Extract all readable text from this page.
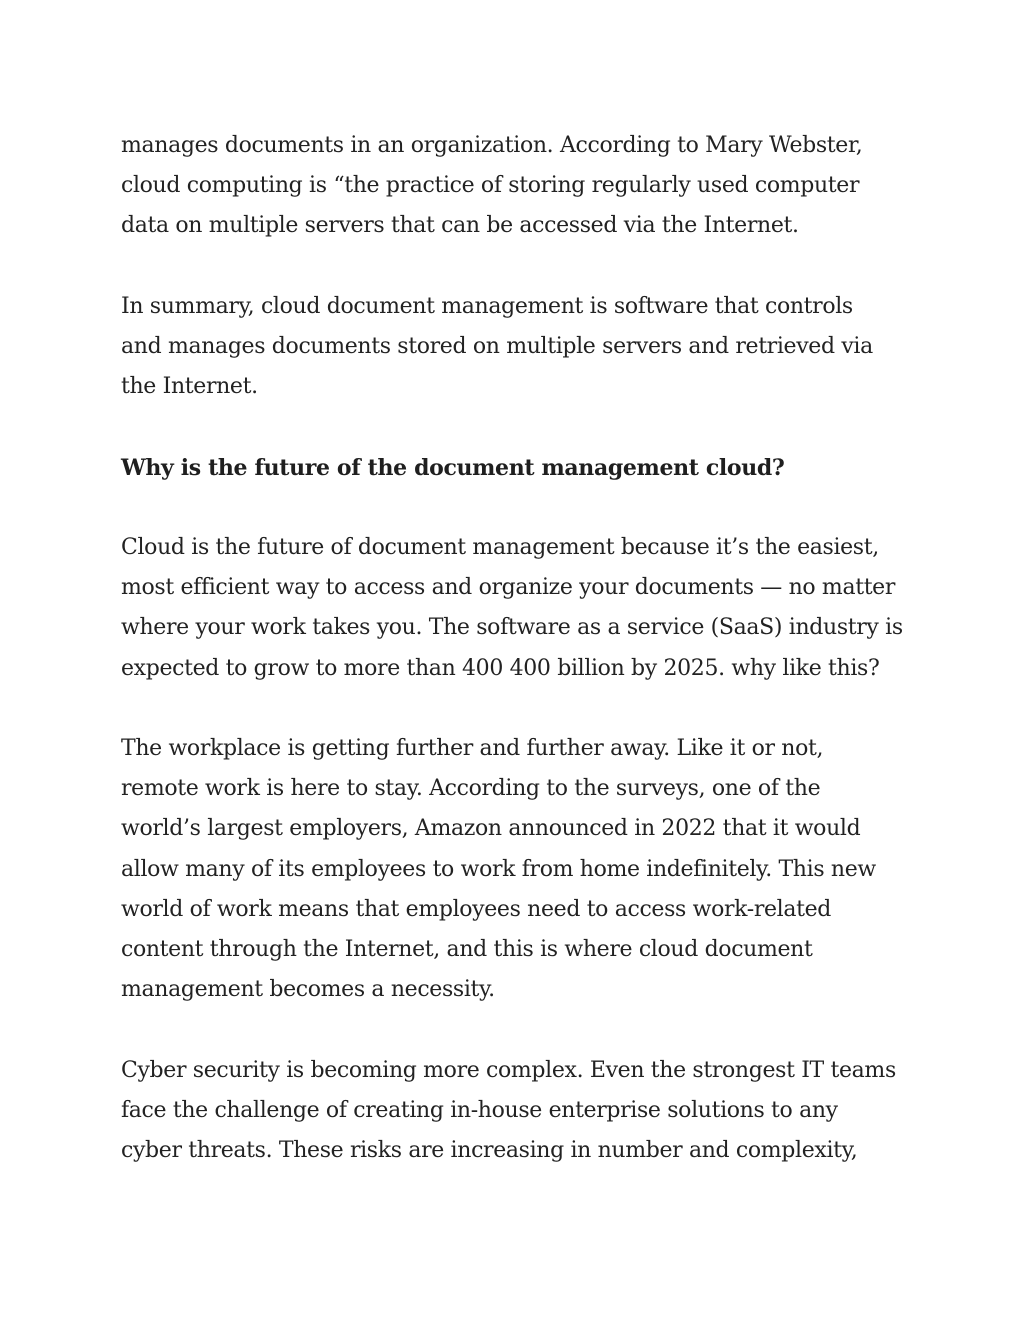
manages documents in an organization. According to Mary Webster,
cloud computing is “the practice of storing regularly used computer
data on multiple servers that can be accessed via the Internet.

In summary, cloud document management is software that controls
and manages documents stored on multiple servers and retrieved via
the Internet.

Why is the future of the document management cloud?

Cloud is the future of document management because it’s the easiest,
most efficient way to access and organize your documents — no matter
where your work takes you. The software as a service (SaaS) industry is
expected to grow to more than 400 400 billion by 2025. why like this?

The workplace is getting further and further away. Like it or not,
remote work is here to stay. According to the surveys, one of the
world’s largest employers, Amazon announced in 2022 that it would
allow many of its employees to work from home indefinitely. This new
world of work means that employees need to access work-related
content through the Internet, and this is where cloud document
management becomes a necessity.

Cyber security is becoming more complex. Even the strongest IT teams
face the challenge of creating in-house enterprise solutions to any
cyber threats. These risks are increasing in number and complexity,
